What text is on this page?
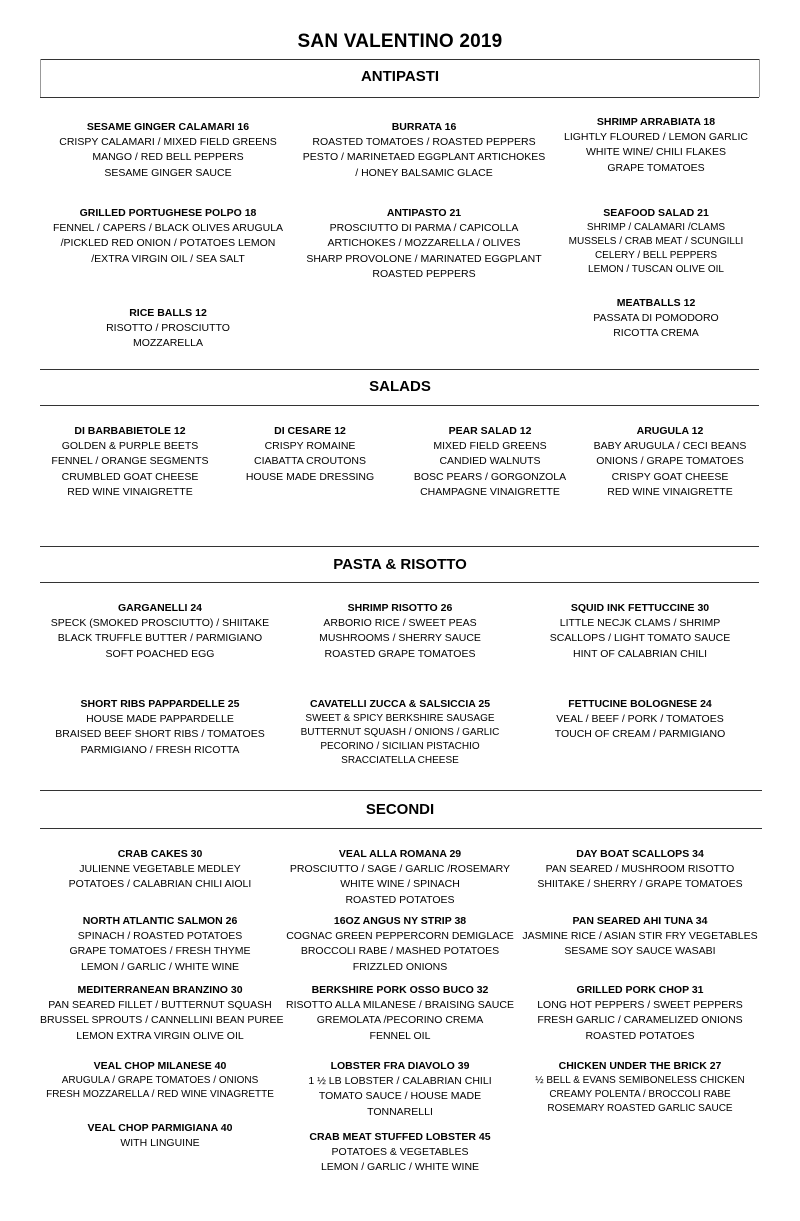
SAN VALENTINO 2019
ANTIPASTI
SESAME GINGER CALAMARI 16
CRISPY CALAMARI / MIXED FIELD GREENS
MANGO / RED BELL PEPPERS
SESAME GINGER SAUCE
BURRATA 16
ROASTED TOMATOES / ROASTED PEPPERS
PESTO / MARINETAED EGGPLANT ARTICHOKES
/ HONEY BALSAMIC GLACE
SHRIMP ARRABIATA 18
LIGHTLY FLOURED / LEMON GARLIC
WHITE WINE/ CHILI FLAKES
GRAPE TOMATOES
GRILLED PORTUGHESE POLPO 18
FENNEL / CAPERS / BLACK OLIVES ARUGULA
/PICKLED RED ONION / POTATOES LEMON
/EXTRA VIRGIN OIL / SEA SALT
ANTIPASTO 21
PROSCIUTTO DI PARMA / CAPICOLLA
ARTICHOKES / MOZZARELLA / OLIVES
SHARP PROVOLONE / MARINATED EGGPLANT
ROASTED PEPPERS
SEAFOOD SALAD 21
SHRIMP / CALAMARI /CLAMS
MUSSELS / CRAB MEAT / SCUNGILLI
CELERY / BELL PEPPERS
LEMON / TUSCAN OLIVE OIL
RICE BALLS 12
RISOTTO / PROSCIUTTO
MOZZARELLA
MEATBALLS 12
PASSATA DI POMODORO
RICOTTA CREMA
SALADS
DI BARBABIETOLE 12
GOLDEN & PURPLE BEETS
FENNEL / ORANGE SEGMENTS
CRUMBLED GOAT CHEESE
RED WINE VINAIGRETTE
DI CESARE 12
CRISPY ROMAINE
CIABATTA CROUTONS
HOUSE MADE DRESSING
PEAR SALAD 12
MIXED FIELD GREENS
CANDIED WALNUTS
BOSC PEARS / GORGONZOLA
CHAMPAGNE VINAIGRETTE
ARUGULA 12
BABY ARUGULA / CECI BEANS
ONIONS / GRAPE TOMATOES
CRISPY GOAT CHEESE
RED WINE VINAIGRETTE
PASTA & RISOTTO
GARGANELLI 24
SPECK (SMOKED PROSCIUTTO) / SHIITAKE
BLACK TRUFFLE BUTTER / PARMIGIANO
SOFT POACHED EGG
SHRIMP RISOTTO 26
ARBORIO RICE / SWEET PEAS
MUSHROOMS / SHERRY SAUCE
ROASTED GRAPE TOMATOES
SQUID INK FETTUCCINE 30
LITTLE NECJK CLAMS / SHRIMP
SCALLOPS / LIGHT TOMATO SAUCE
HINT OF CALABRIAN CHILI
SHORT RIBS PAPPARDELLE 25
HOUSE MADE PAPPARDELLE
BRAISED BEEF SHORT RIBS / TOMATOES
PARMIGIANO / FRESH RICOTTA
CAVATELLI ZUCCA & SALSICCIA 25
SWEET & SPICY BERKSHIRE SAUSAGE
BUTTERNUT SQUASH / ONIONS / GARLIC
PECORINO / SICILIAN PISTACHIO
SRACCIATELLA CHEESE
FETTUCINE BOLOGNESE 24
VEAL / BEEF / PORK / TOMATOES
TOUCH OF CREAM / PARMIGIANO
SECONDI
CRAB CAKES 30
JULIENNE VEGETABLE MEDLEY
POTATOES / CALABRIAN CHILI AIOLI
VEAL ALLA ROMANA 29
PROSCIUTTO / SAGE / GARLIC /ROSEMARY
WHITE WINE / SPINACH
ROASTED POTATOES
DAY BOAT SCALLOPS 34
PAN SEARED / MUSHROOM RISOTTO
SHIITAKE / SHERRY / GRAPE TOMATOES
NORTH ATLANTIC SALMON 26
SPINACH / ROASTED POTATOES
GRAPE TOMATOES / FRESH THYME
LEMON / GARLIC / WHITE WINE
16OZ ANGUS NY STRIP 38
COGNAC GREEN PEPPERCORN DEMIGLACE
BROCCOLI RABE / MASHED POTATOES
FRIZZLED ONIONS
PAN SEARED AHI TUNA 34
JASMINE RICE / ASIAN STIR FRY VEGETABLES
SESAME SOY SAUCE WASABI
MEDITERRANEAN BRANZINO 30
PAN SEARED FILLET / BUTTERNUT SQUASH
BRUSSEL SPROUTS / CANNELLINI BEAN PUREE
LEMON EXTRA VIRGIN OLIVE OIL
BERKSHIRE PORK OSSO BUCO 32
RISOTTO ALLA MILANESE / BRAISING SAUCE
GREMOLATA /PECORINO CREMA
FENNEL OIL
GRILLED PORK CHOP 31
LONG HOT PEPPERS / SWEET PEPPERS
FRESH GARLIC / CARAMELIZED ONIONS
ROASTED POTATOES
VEAL CHOP MILANESE 40
ARUGULA / GRAPE TOMATOES / ONIONS
FRESH MOZZARELLA / RED WINE VINAGRETTE
LOBSTER FRA DIAVOLO 39
1 ½ LB LOBSTER / CALABRIAN CHILI
TOMATO SAUCE / HOUSE MADE
TONNARELLI
CHICKEN UNDER THE BRICK 27
½ BELL & EVANS SEMIBONELESS CHICKEN
CREAMY POLENTA / BROCCOLI RABE
ROSEMARY ROASTED GARLIC SAUCE
VEAL CHOP PARMIGIANA 40
WITH LINGUINE
CRAB MEAT STUFFED LOBSTER 45
POTATOES & VEGETABLES
LEMON / GARLIC / WHITE WINE
